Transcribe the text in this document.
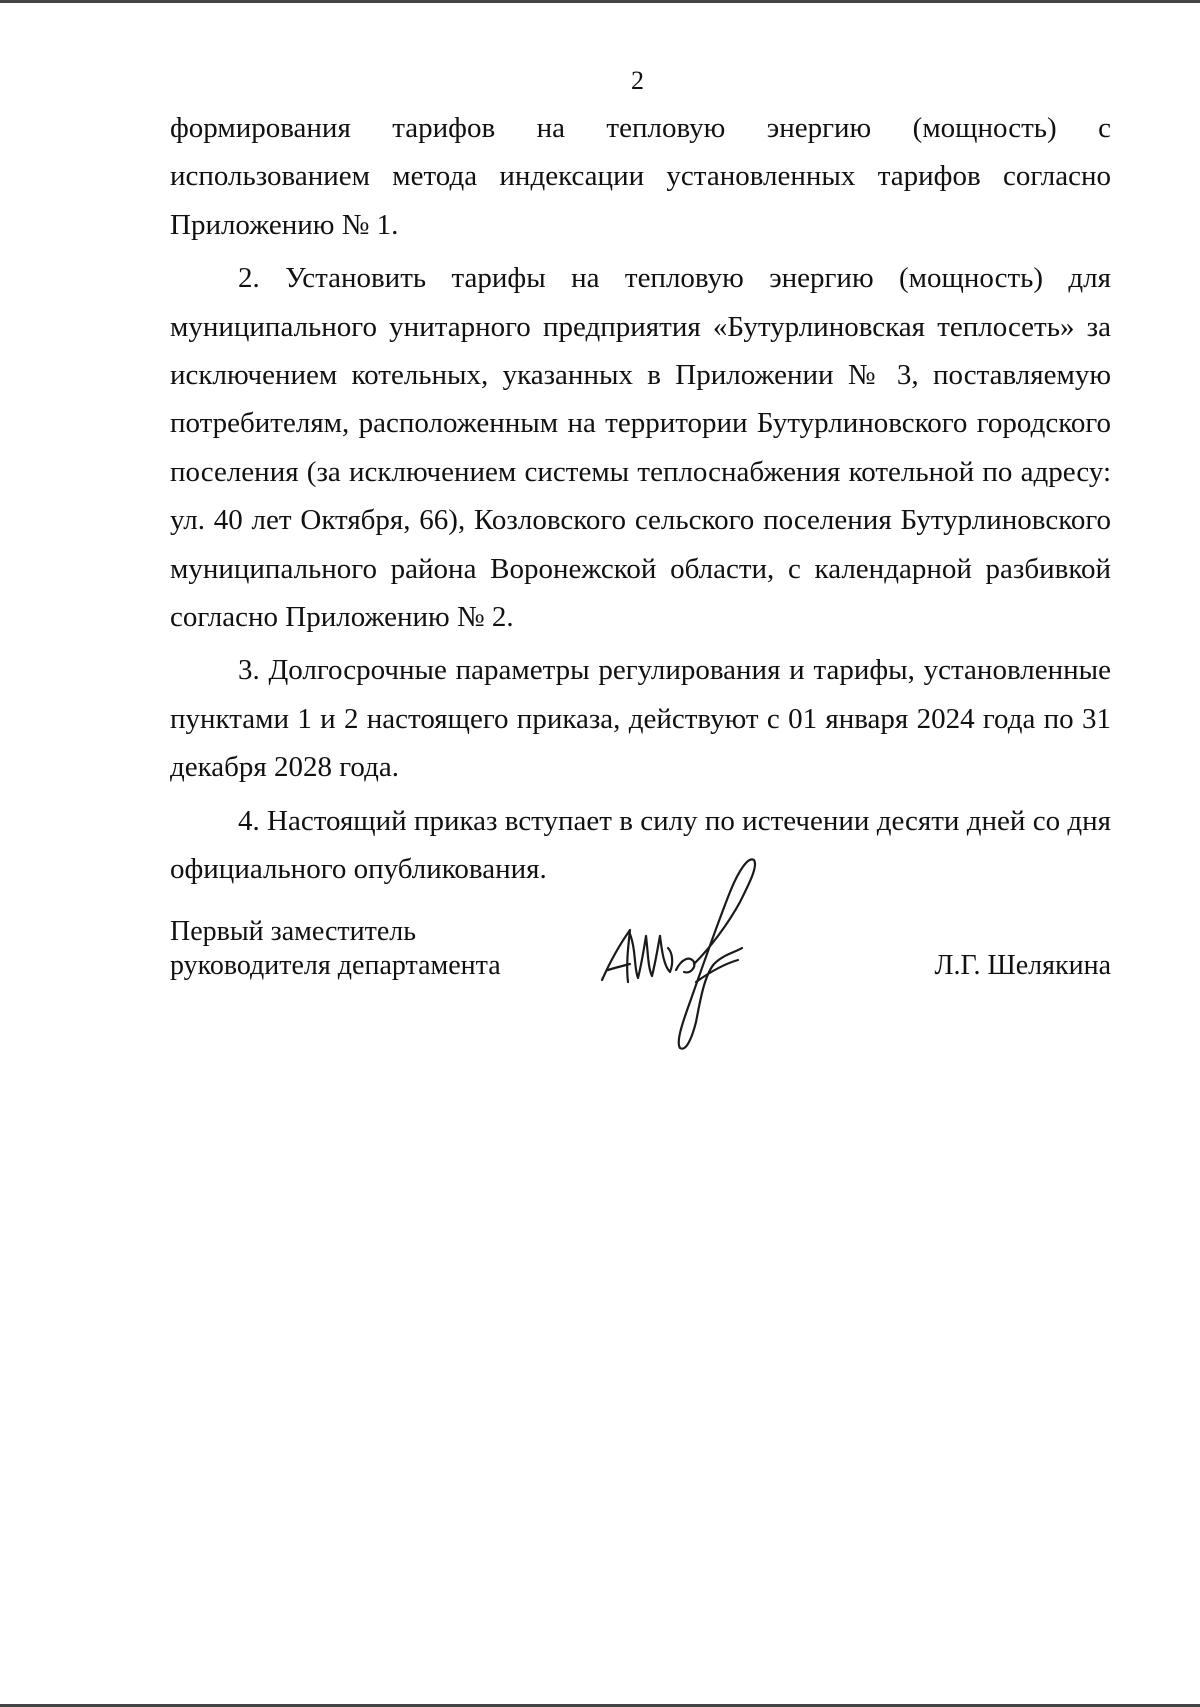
2

формирования тарифов на тепловую энергию (мощность) с использованием метода индексации установленных тарифов согласно Приложению № 1.

2. Установить тарифы на тепловую энергию (мощность) для муниципального унитарного предприятия «Бутурлиновская теплосеть» за исключением котельных, указанных в Приложении № 3, поставляемую потребителям, расположенным на территории Бутурлиновского городского поселения (за исключением системы теплоснабжения котельной по адресу: ул. 40 лет Октября, 66), Козловского сельского поселения Бутурлиновского муниципального района Воронежской области, с календарной разбивкой согласно Приложению № 2.

3. Долгосрочные параметры регулирования и тарифы, установленные пунктами 1 и 2 настоящего приказа, действуют с 01 января 2024 года по 31 декабря 2028 года.

4. Настоящий приказ вступает в силу по истечении десяти дней со дня официального опубликования.

Первый заместитель
руководителя департамента	Л.Г. Шелякина
